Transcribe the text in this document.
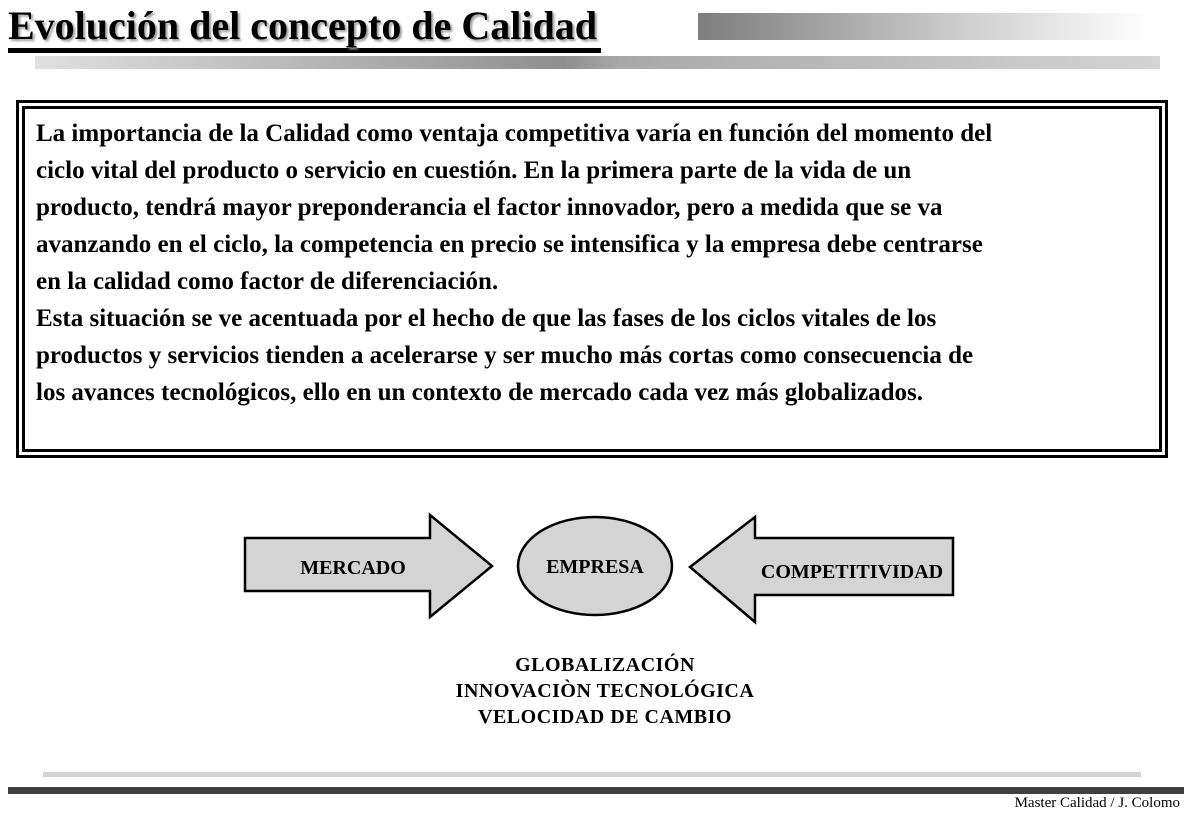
Evolución del concepto de Calidad
La importancia de la Calidad como ventaja competitiva varía en función del momento del
ciclo vital del producto o servicio en cuestión. En la primera parte de la vida de un
producto, tendrá mayor preponderancia el factor innovador, pero a medida que se va
avanzando en el ciclo, la competencia en precio se intensifica y la empresa debe centrarse
en la calidad como factor de diferenciación.
Esta situación se ve acentuada por el hecho de que las fases de los ciclos vitales de los
productos y servicios tienden a acelerarse y ser mucho más cortas como consecuencia de
los avances tecnológicos, ello en un contexto de mercado cada vez más globalizados.
MERCADO	EMPRESA	COMPETITIVIDAD
GLOBALIZACIÓN
INNOVACIÒN TECNOLÓGICA
VELOCIDAD DE CAMBIO
Master Calidad / J. Colomo
